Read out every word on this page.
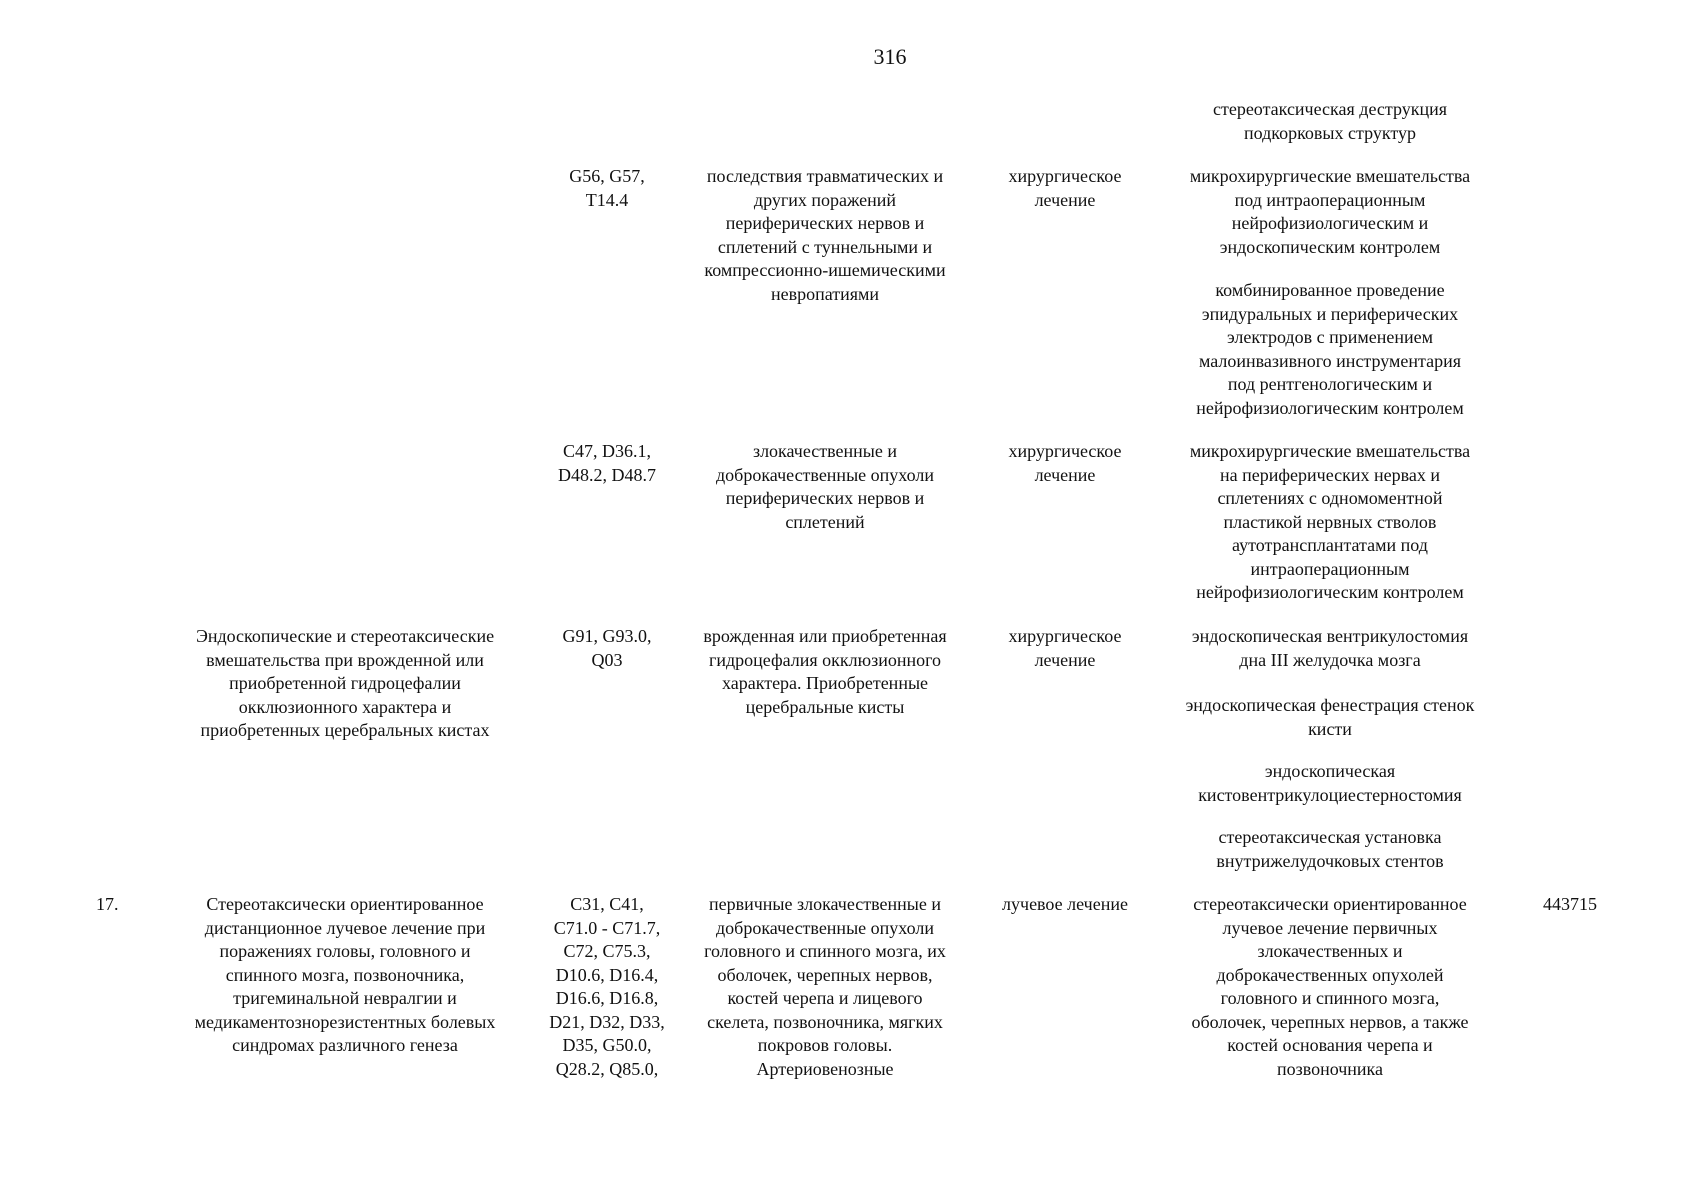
316
стереотаксическая деструкция
подкорковых структур
G56, G57,
T14.4
последствия травматических и
других поражений
периферических нервов и
сплетений с туннельными и
компрессионно-ишемическими
невропатиями
хирургическое
лечение
микрохирургические вмешательства
под интраоперационным
нейрофизиологическим и
эндоскопическим контролем
комбинированное проведение
эпидуральных и периферических
электродов с применением
малоинвазивного инструментария
под рентгенологическим и
нейрофизиологическим контролем
C47, D36.1,
D48.2, D48.7
злокачественные и
доброкачественные опухоли
периферических нервов и
сплетений
хирургическое
лечение
микрохирургические вмешательства
на периферических нервах и
сплетениях с одномоментной
пластикой нервных стволов
аутотрансплантатами под
интраоперационным
нейрофизиологическим контролем
Эндоскопические и стереотаксические
вмешательства при врожденной или
приобретенной гидроцефалии
окклюзионного характера и
приобретенных церебральных кистах
G91, G93.0,
Q03
врожденная или приобретенная
гидроцефалия окклюзионного
характера. Приобретенные
церебральные кисты
хирургическое
лечение
эндоскопическая вентрикулостомия
дна III желудочка мозга
эндоскопическая фенестрация стенок
кисти
эндоскопическая
кистовентрикулоциестерностомия
стереотаксическая установка
внутрижелудочковых стентов
17.	Стереотаксически ориентированное
дистанционное лучевое лечение при
поражениях головы, головного и
спинного мозга, позвоночника,
тригеминальной невралгии и
медикаментознорезистентных болевых
синдромах различного генеза
C31, C41,
C71.0 - C71.7,
C72, C75.3,
D10.6, D16.4,
D16.6, D16.8,
D21, D32, D33,
D35, G50.0,
Q28.2, Q85.0,
первичные злокачественные и
доброкачественные опухоли
головного и спинного мозга, их
оболочек, черепных нервов,
костей черепа и лицевого
скелета, позвоночника, мягких
покровов головы.
Артериовенозные
лучевое лечение	стереотаксически ориентированное
лучевое лечение первичных
злокачественных и
доброкачественных опухолей
головного и спинного мозга,
оболочек, черепных нервов, а также
костей основания черепа и
позвоночника
443715
